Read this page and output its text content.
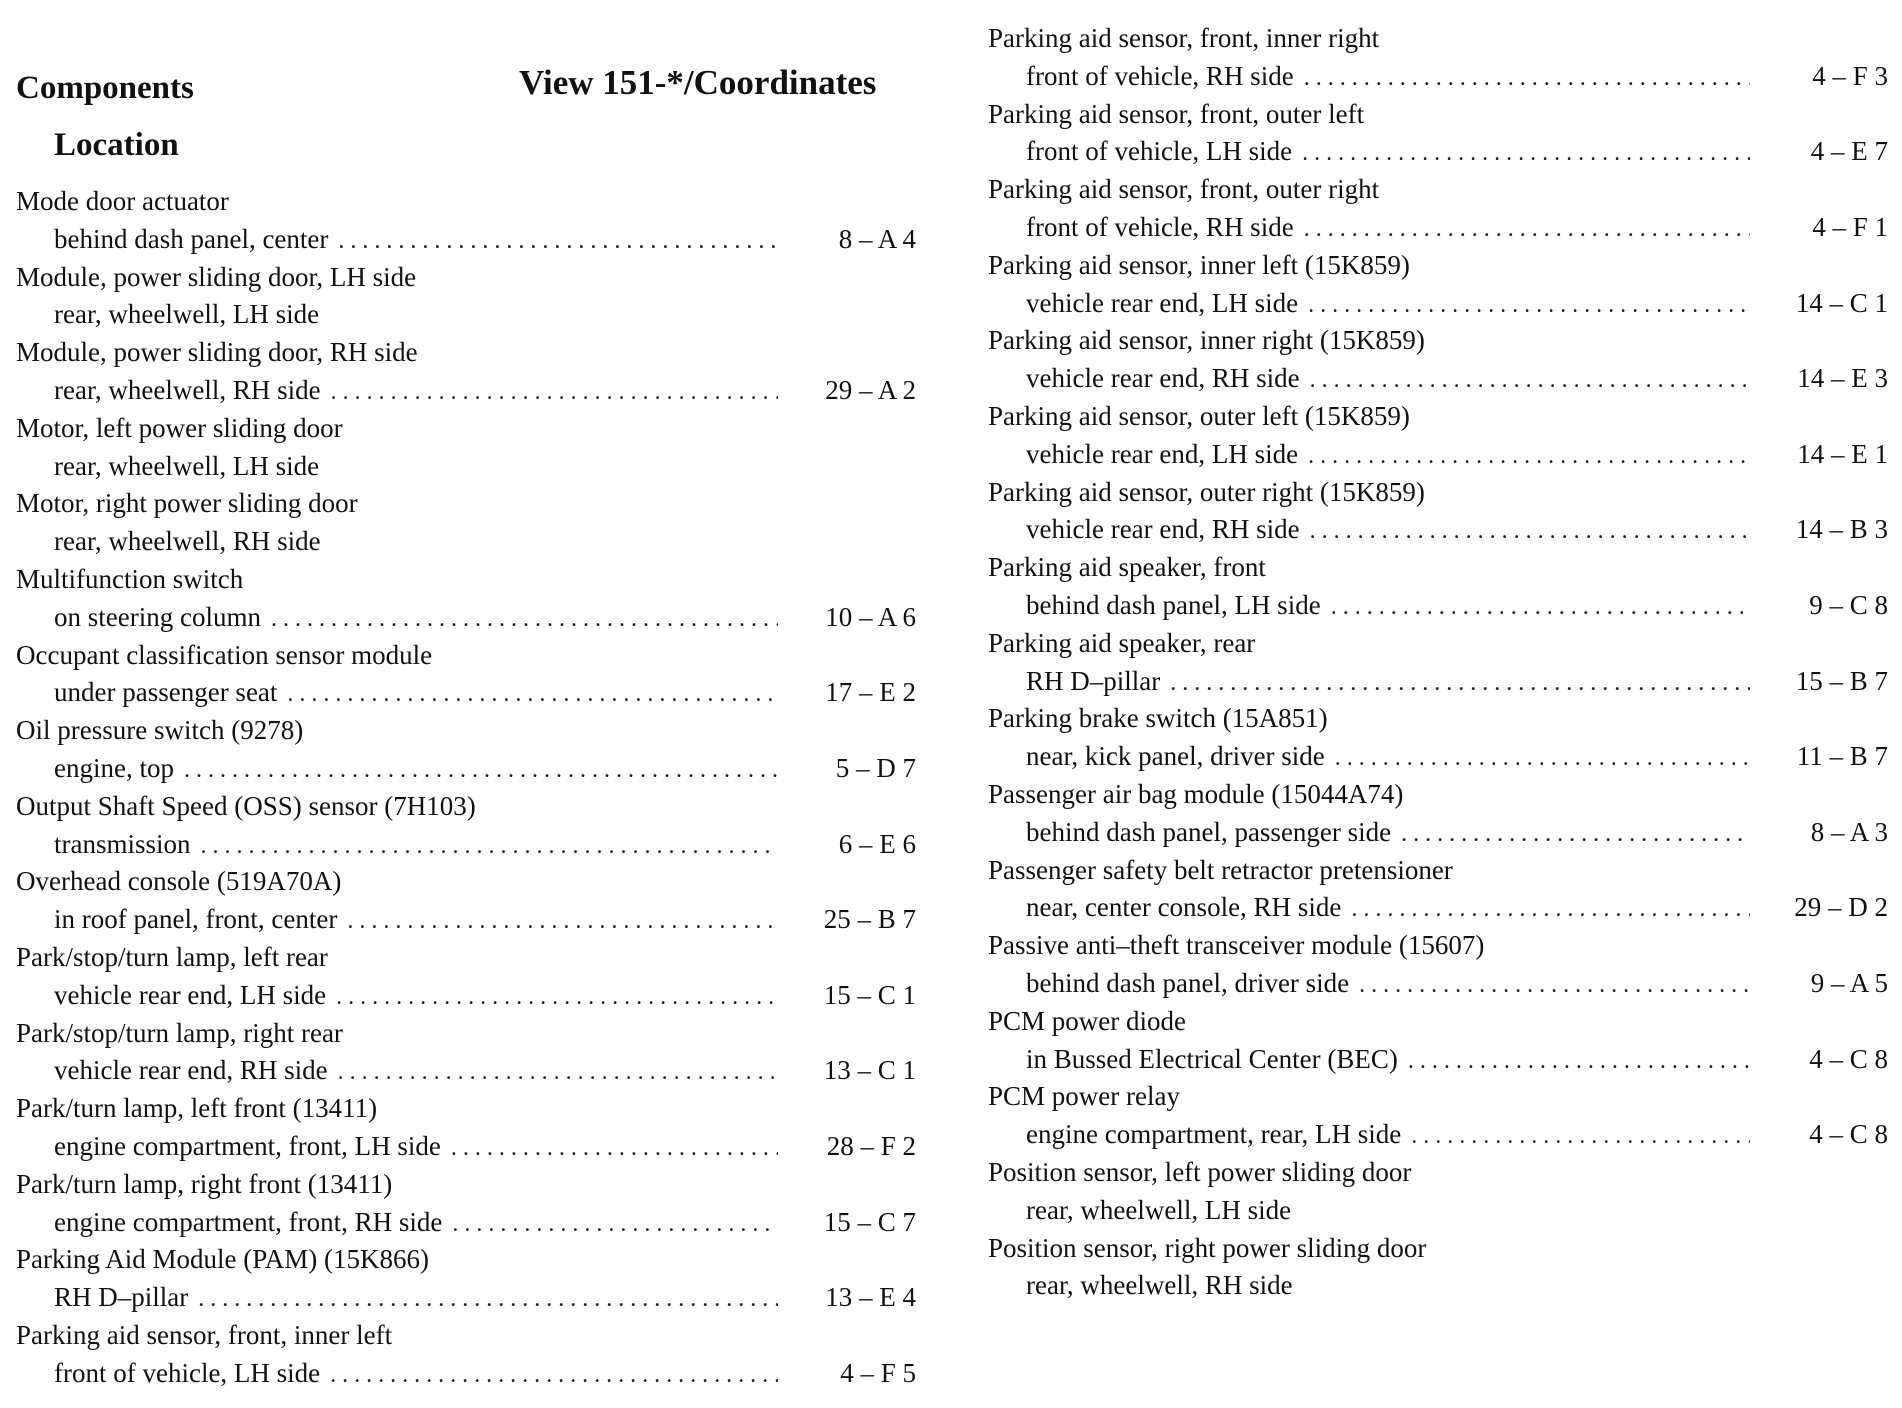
Components	View 151-*/Coordinates
Location
Mode door actuator
behind dash panel, center . . .	8 – A 4
Module, power sliding door, LH side
rear, wheelwell, LH side
Module, power sliding door, RH side
rear, wheelwell, RH side . . .	29 – A 2
Motor, left power sliding door
rear, wheelwell, LH side
Motor, right power sliding door
rear, wheelwell, RH side
Multifunction switch
on steering column . . .	10 – A 6
Occupant classification sensor module
under passenger seat . . .	17 – E 2
Oil pressure switch (9278)
engine, top . . .	5 – D 7
Output Shaft Speed (OSS) sensor (7H103)
transmission . . .	6 – E 6
Overhead console (519A70A)
in roof panel, front, center . . .	25 – B 7
Park/stop/turn lamp, left rear
vehicle rear end, LH side . . .	15 – C 1
Park/stop/turn lamp, right rear
vehicle rear end, RH side . . .	13 – C 1
Park/turn lamp, left front (13411)
engine compartment, front, LH side . . .	28 – F 2
Park/turn lamp, right front (13411)
engine compartment, front, RH side . . .	15 – C 7
Parking Aid Module (PAM) (15K866)
RH D–pillar . . .	13 – E 4
Parking aid sensor, front, inner left
front of vehicle, LH side . . .	4 – F 5
Parking aid sensor, front, inner right
front of vehicle, RH side . . .	4 – F 3
Parking aid sensor, front, outer left
front of vehicle, LH side . . .	4 – E 7
Parking aid sensor, front, outer right
front of vehicle, RH side . . .	4 – F 1
Parking aid sensor, inner left (15K859)
vehicle rear end, LH side . . .	14 – C 1
Parking aid sensor, inner right (15K859)
vehicle rear end, RH side . . .	14 – E 3
Parking aid sensor, outer left (15K859)
vehicle rear end, LH side . . .	14 – E 1
Parking aid sensor, outer right (15K859)
vehicle rear end, RH side . . .	14 – B 3
Parking aid speaker, front
behind dash panel, LH side . . .	9 – C 8
Parking aid speaker, rear
RH D–pillar . . .	15 – B 7
Parking brake switch (15A851)
near, kick panel, driver side . . .	11 – B 7
Passenger air bag module (15044A74)
behind dash panel, passenger side . . .	8 – A 3
Passenger safety belt retractor pretensioner
near, center console, RH side . . .	29 – D 2
Passive anti–theft transceiver module (15607)
behind dash panel, driver side . . .	9 – A 5
PCM power diode
in Bussed Electrical Center (BEC) . . .	4 – C 8
PCM power relay
engine compartment, rear, LH side . . .	4 – C 8
Position sensor, left power sliding door
rear, wheelwell, LH side
Position sensor, right power sliding door
rear, wheelwell, RH side
